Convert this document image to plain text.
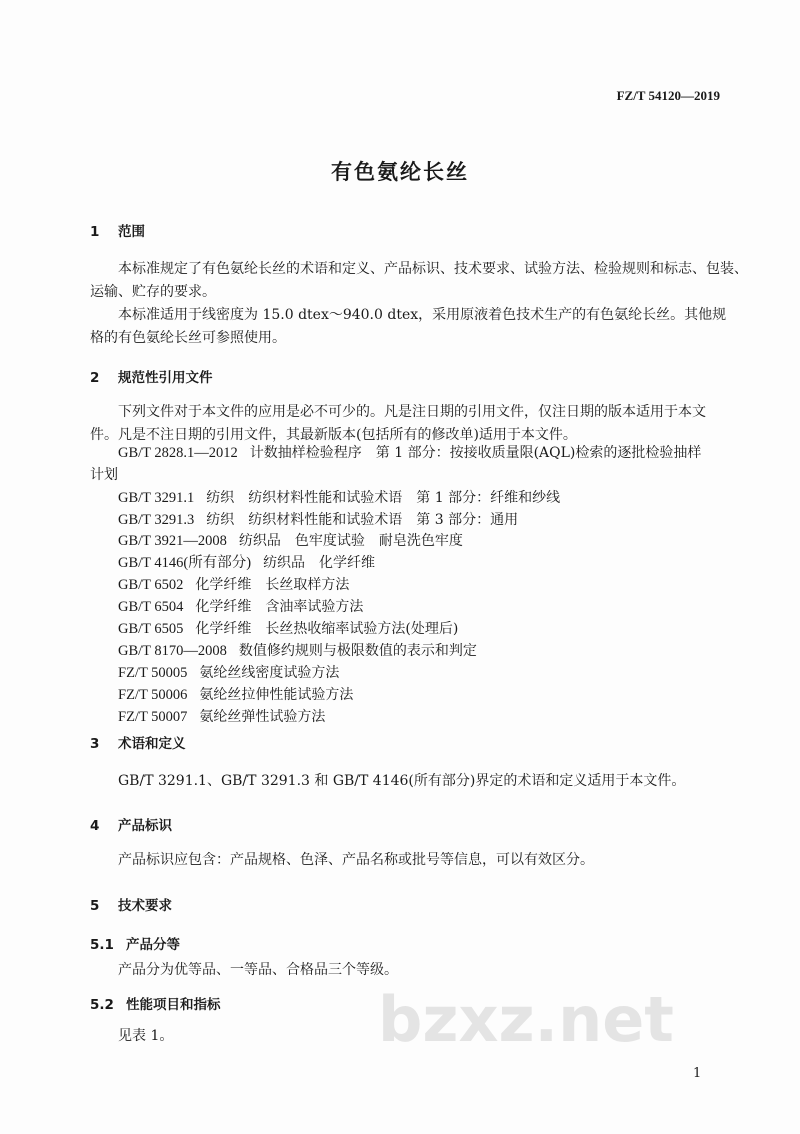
FZ/T 54120—2019
有色氨纶长丝
1 范围
本标准规定了有色氨纶长丝的术语和定义、产品标识、技术要求、试验方法、检验规则和标志、包装、
运输、贮存的要求。
本标准适用于线密度为 15.0 dtex～940.0 dtex，采用原液着色技术生产的有色氨纶长丝。其他规
格的有色氨纶长丝可参照使用。
2 规范性引用文件
下列文件对于本文件的应用是必不可少的。凡是注日期的引用文件，仅注日期的版本适用于本文
件。凡是不注日期的引用文件，其最新版本(包括所有的修改单)适用于本文件。
GB/T 2828.1—2012 计数抽样检验程序　第 1 部分：按接收质量限(AQL)检索的逐批检验抽样
计划
GB/T 3291.1 纺织　纺织材料性能和试验术语　第 1 部分：纤维和纱线
GB/T 3291.3 纺织　纺织材料性能和试验术语　第 3 部分：通用
GB/T 3921—2008 纺织品　色牢度试验　耐皂洗色牢度
GB/T 4146(所有部分) 纺织品　化学纤维
GB/T 6502 化学纤维　长丝取样方法
GB/T 6504 化学纤维　含油率试验方法
GB/T 6505 化学纤维　长丝热收缩率试验方法(处理后)
GB/T 8170—2008 数值修约规则与极限数值的表示和判定
FZ/T 50005 氨纶丝线密度试验方法
FZ/T 50006 氨纶丝拉伸性能试验方法
FZ/T 50007 氨纶丝弹性试验方法
3 术语和定义
GB/T 3291.1、GB/T 3291.3 和 GB/T 4146(所有部分)界定的术语和定义适用于本文件。
4 产品标识
产品标识应包含：产品规格、色泽、产品名称或批号等信息，可以有效区分。
5 技术要求
5.1 产品分等
产品分为优等品、一等品、合格品三个等级。
5.2 性能项目和指标
见表 1。	bzxz.net
1
